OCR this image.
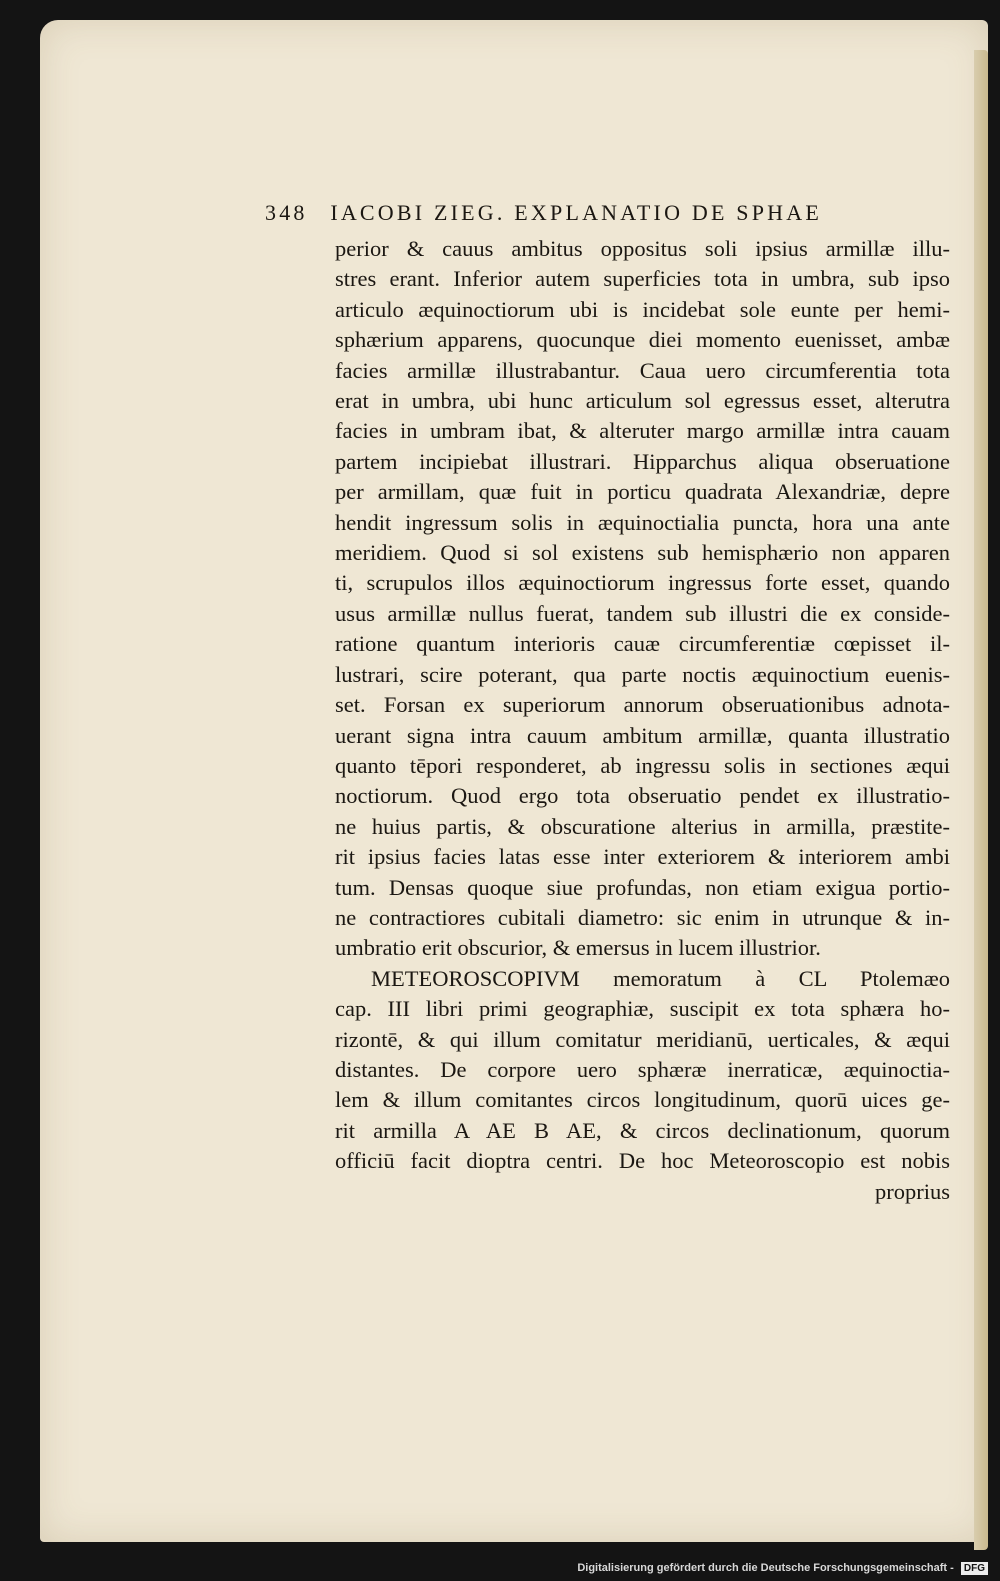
348 IACOBI ZIEG. EXPLANATIO DE SPHAE
perior & cauus ambitus oppositus soli ipsius armillæ illu-
stres erant. Inferior autem superficies tota in umbra, sub ipso
articulo æquinoctiorum ubi is incidebat sole eunte per hemi-
sphærium apparens, quocunque diei momento euenisset, ambæ
facies armillæ illustrabantur. Caua uero circumferentia tota
erat in umbra, ubi hunc articulum sol egressus esset, alterutra
facies in umbram ibat, & alteruter margo armillæ intra cauam
partem incipiebat illustrari. Hipparchus aliqua obseruatione
per armillam, quæ fuit in porticu quadrata Alexandriæ, depre
hendit ingressum solis in æquinoctialia puncta, hora una ante
meridiem. Quod si sol existens sub hemisphærio non apparen
ti, scrupulos illos æquinoctiorum ingressus forte esset, quando
usus armillæ nullus fuerat, tandem sub illustri die ex conside-
ratione quantum interioris cauæ circumferentiæ cœpisset il-
lustrari, scire poterant, qua parte noctis æquinoctium euenis-
set. Forsan ex superiorum annorum obseruationibus adnota-
uerant signa intra cauum ambitum armillæ, quanta illustratio
quanto tēpori responderet, ab ingressu solis in sectiones æqui
noctiorum. Quod ergo tota obseruatio pendet ex illustratio-
ne huius partis, & obscuratione alterius in armilla, præstite-
rit ipsius facies latas esse inter exteriorem & interiorem ambi
tum. Densas quoque siue profundas, non etiam exigua portio-
ne contractiores cubitali diametro: sic enim in utrunque & in-
umbratio erit obscurior, & emersus in lucem illustrior.
METEOROSCOPIVM memoratum à CL Ptolemæo
cap. III libri primi geographiæ, suscipit ex tota sphæra ho-
rizontē, & qui illum comitatur meridianū, uerticales, & æqui
distantes. De corpore uero sphæræ inerraticæ, æquinoctia-
lem & illum comitantes circos longitudinum, quorū uices ge-
rit armilla A AE B AE, & circos declinationum, quorum
officiū facit dioptra centri. De hoc Meteoroscopio est nobis
proprius
Digitalisierung gefördert durch die Deutsche Forschungsgemeinschaft - DFG
